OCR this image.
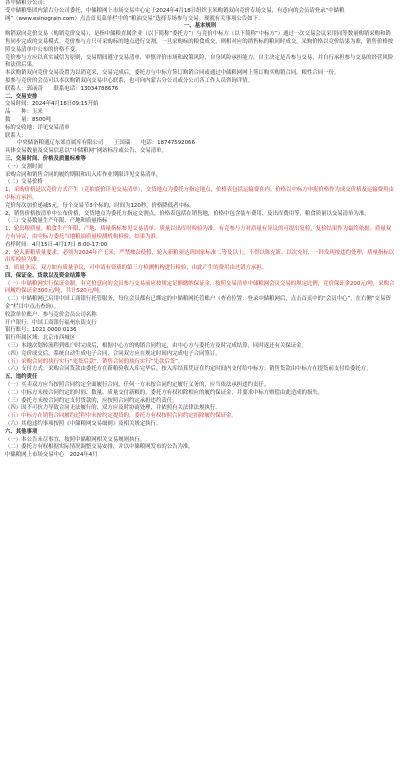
各中储粮分公司：

受中储粮集团内蒙古分公司委托，中储粮网上市场交易中心定于2024年4月18日组织玉米购销双向竞价专场交易，有意向的会员请登录“中储粮网”（www.esinograin.com）点击首页菜单栏中的“粮油交易”选择专场参与交易。现就有关事项公告如下：

一、基本规则

购销双向竞价交易（购销竞价交易），是指中储粮直属企业（以下简称“委托方”）与竞价中标方（以下简称“中标方”）通过一次交易会议采用同等数量购销采购和销售同步完成的交易模式。竞价参与方只可采购标的地点进行交割，一旦采购标的粮食成交，则相对应的销售标的粮同时成交，采购价格以竞价结果为准，销售价格按照交易清单中公布的价格不变。

竞价参与方应以真实诚信为原则，交易期间遵守交易清单、审慎评价市场和政策风险、自身风险承担能力，自主决定是否参与交易，并自行承担参与交易的经营风险和法律后果。

本次购销双向竞价交易设置为以销竞采，交易完成后，委托方与中标方签订购销合同或通过中储粮网网上签订购买购销合同，粮性合同一份。

拟参与竞价的会员可以本次购销双向交易中心联系，也可向内蒙古分公司或分公司各工作人员咨询详情。

联系人：郭丽奇　　联系电话：13034788676

二、交易安排

交易时间：2024年4月18日09:15开始

品　　种：玉米

数　　量：8500吨

标的交收地：详见交易清单

联系人：

中央储备粮通辽东郊直属库有限公司　　王国瑞　　电话：18747592066

具体交易数量及交易信息以“中储粮网”网站标注或公告、交易清单。

三、交易时间、价格及质量标准等

（一）交割时间

采购合同和销售合同的履约期限和出入库作业期限详见交易清单。

（二）交易价格

1、采购价格是以竞价方式产生（竞拍底价详见交易清单），交货地点为委托方指定地点，价格表包括运输费在内。价格以中标方申报价格作为成交价格及运输费用由中标方承担。

竞价每次加价递减5元，每个交易节3个标的，时间为120秒，价格降低者中标。

2、销售价格按清单中公布价格，交货地点为委托方指定交割点，价格表包括在销售地，价格中包含装车费用、及出库费用等，粮食质量以交易清单为准。

（三）交易数量生产年限、产地和质量指标

1、轮出粮质量。粮食生产年限、产地、质量指标参见交易清单、质量以出库时检验为准。有竞参与方对质量有异议的可提出复检，复检结果作为最终依据。质量双方有异议，由中标方委托当地粮油质量检测机构检验，结果为准。

看样时间：4月15日-4月17日 8:00-17:00

2、轮入新粮质量要求，必须为2024年产玉米，严禁掺杂使假，轮入新粮须达到国家标准二等及以上，不得以陈充新、以次充好，一经发现按违约处理，质量指标以出库检验为准。

3、质量争议。双方如有质量争议，可申请有资质的第三方检测机构进行检验，由此产生的费用由过错方承担。

四、保证金、货款以及资金结算等

（一）中储粮网实行保证金制，有竞价意向的会员参与交易前应按规定足额缴纳保证金，按照交易清单中储粮网会员交易的规定比例，竞价保证金200元/吨，采购合同履约保证金300元/吨，共计520元/吨。

（二）中储粮网已启用中国工商银行托管服务，每位会员都有已绑定的中储粮网托管账户（查看位置：登录中储粮网后，点击首页中的“会员中心”，在右侧“交易资金”栏目中点击查询）。

收款单位账户：参与竞价会员公司名称

开户银行：中国工商银行福州东街支行

银行账号：1021 0000 0136

银行所属区域：北京市西城区

（三）本地次划转流程到账户时完成后，根据中心方的购销合同约定，由中心方与委托方及时完成结算，同时返还有关保证金。

（四）竞价成交后，系统自动生成电子合同，合同双方应在规定时间内完成电子合同签订。

（五）采购合同的执行实行“先货后款”，销售合同的执行实行“先款后货”。

（六）支付方式：采购合同货款由委托方在新粮验收入库完毕后，按入库结算凭证在约定时间内支付给中标方；销售货款由中标方在提货前支付给委托方。

五、违约责任

（一）买卖双方应当按照合同约定全面履行合同，任何一方未按合同约定履行义务的，应当依法承担违约责任。

（二）中标方未按合同约定的时间、数量、质量交付新粮的，委托方有权扣除相应的履约保证金，并要求中标方赔偿由此造成的损失。

（三）委托方未按合同约定支付货款的，应按照合同约定承担违约责任。

（四）因不可抗力导致合同无法履行的，双方应及时协商处理，并依照有关法律法规执行。

（五）中标方在销售合同履约过程中未按约定提货的，委托方有权按照合同约定扣除履约保证金。

（六）其他违约事项按照《中储粮网交易细则》及相关规定执行。

六、其他事项

（一）本公告未尽事宜，按照中储粮网相关交易规则执行。

（二）委托方有权根据实际情况调整交易安排，并以中储粮网发布的公告为准。

中储粮网上市场交易中心　2024年4月
